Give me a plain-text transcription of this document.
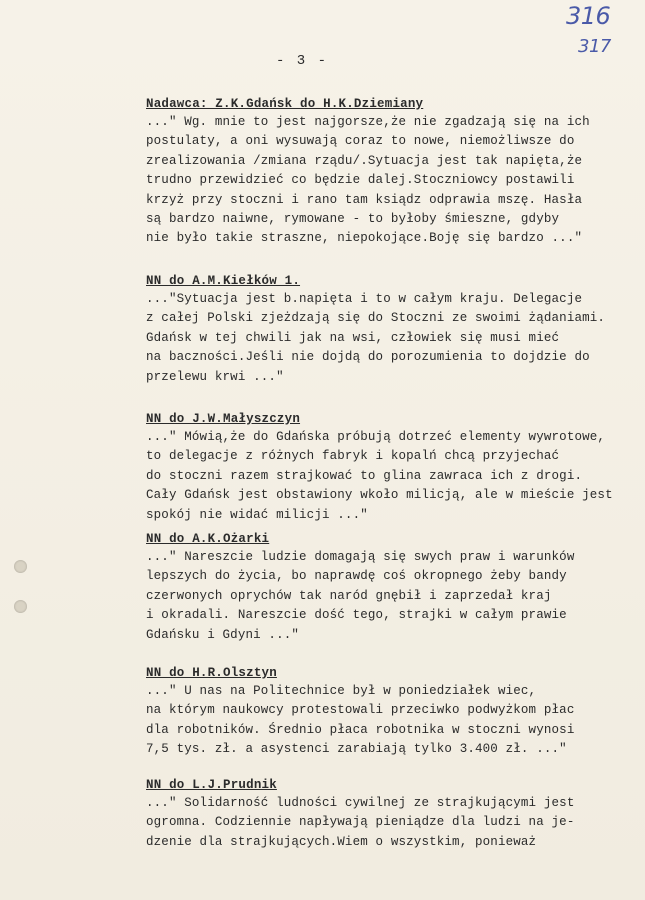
316
317
- 3 -
Nadawca: Z.K.Gdańsk do H.K.Dziemiany
..." Wg. mnie to jest najgorsze,że nie zgadzają się na ich
postulaty, a oni wysuwają coraz to nowe, niemożliwsze do
zrealizowania /zmiana rządu/.Sytuacja jest tak napięta,że
trudno przewidzieć co będzie dalej.Stoczniowcy postawili
krzyż przy stoczni i rano tam ksiądz odprawia mszę. Hasła
są bardzo naiwne, rymowane - to byłoby śmieszne, gdyby
nie było takie straszne, niepokojące.Boję się bardzo ..."
NN do A.M.Kiełków 1.
..."Sytuacja jest b.napięta i to w całym kraju. Delegacje
z całej Polski zjeżdzają się do Stoczni ze swoimi żądaniami.
Gdańsk w tej chwili jak na wsi, człowiek się musi mieć
na baczności.Jeśli nie dojdą do porozumienia to dojdzie do
przelewu krwi ..."
NN do J.W.Małyszczyn
..." Mówią,że do Gdańska próbują dotrzeć elementy wywrotowe,
to delegacje z różnych fabryk i kopalń chcą przyjechać
do stoczni razem strajkować to glina zawraca ich z drogi.
Cały Gdańsk jest obstawiony wkoło milicją, ale w mieście jest
spokój nie widać milicji ..."
NN do A.K.Ożarki
..." Nareszcie ludzie domagają się swych praw i warunków
lepszych do życia, bo naprawdę coś okropnego żeby bandy
czerwonych oprychów tak naród gnębił i zaprzedał kraj
i okradali. Nareszcie dość tego, strajki w całym prawie
Gdańsku i Gdyni ..."
NN do H.R.Olsztyn
..." U nas na Politechnice był w poniedziałek wiec,
na którym naukowcy protestowali przeciwko podwyżkom płac
dla robotników. Średnio płaca robotnika w stoczni wynosi
7,5 tys. zł. a asystenci zarabiają tylko 3.400 zł. ..."
NN do L.J.Prudnik
..." Solidarność ludności cywilnej ze strajkującymi jest
ogromna. Codziennie napływają pieniądze dla ludzi na je-
dzenie dla strajkujących.Wiem o wszystkim, ponieważ
